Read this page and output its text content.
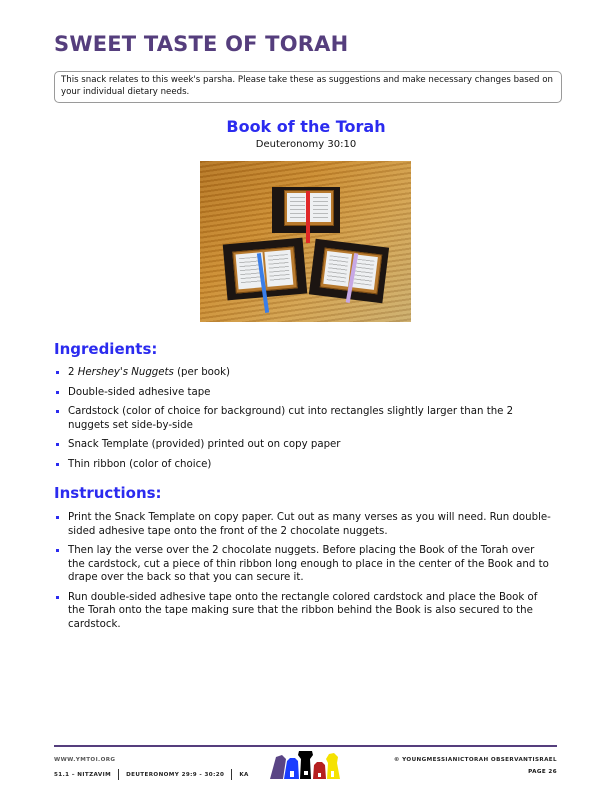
SWEET TASTE OF TORAH
This snack relates to this week's parsha. Please take these as suggestions and make necessary changes based on your individual dietary needs.
Book of the Torah
Deuteronomy 30:10
Ingredients:
2 Hershey's Nuggets (per book)
Double-sided adhesive tape
Cardstock (color of choice for background) cut into rectangles slightly larger than the 2 nuggets set side-by-side
Snack Template (provided) printed out on copy paper
Thin ribbon (color of choice)
Instructions:
Print the Snack Template on copy paper. Cut out as many verses as you will need. Run double-sided adhesive tape onto the front of the 2 chocolate nuggets.
Then lay the verse over the 2 chocolate nuggets. Before placing the Book of the Torah over the cardstock, cut a piece of thin ribbon long enough to place in the center of the Book and to drape over the back so that you can secure it.
Run double-sided adhesive tape onto the rectangle colored cardstock and place the Book of the Torah onto the tape making sure that the ribbon behind the Book is also secured to the cardstock.
WWW.YMTOI.ORG
51.1 – NITZAVIM	DEUTERONOMY 29:9 - 30:20	KA
© YOUNGMESSIANICTORAH OBSERVANTISRAEL
PAGE 26
